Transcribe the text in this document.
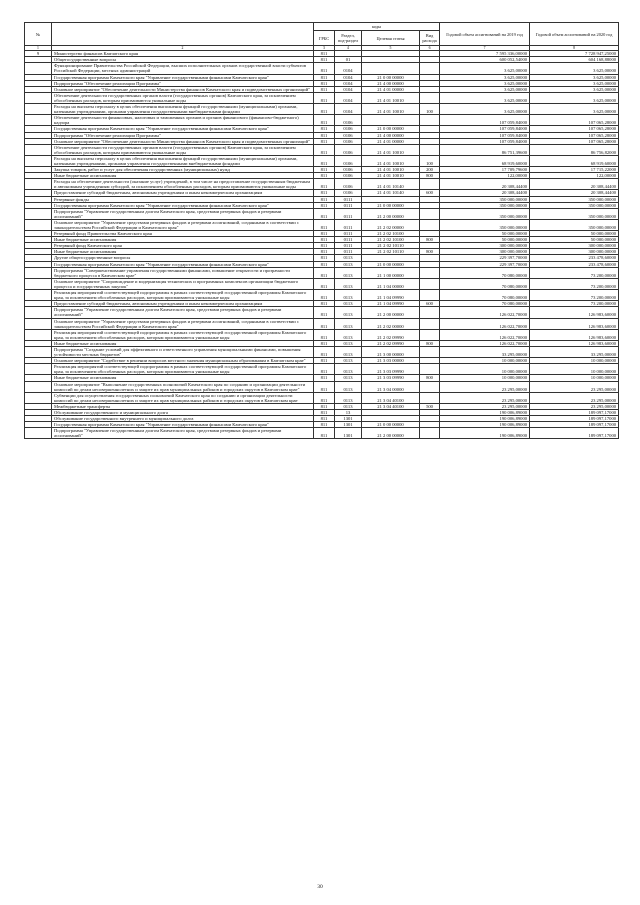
№		коды				Годовой объем ассигнований на 2019 год	Годовой объем ассигнований на 2020 год
		ГРБС	Раздел, под-раздел	Целевая статья	Вид расхода		
1	2	3	4	5	6	7	8
9	Министерство финансов Камчатского края	811				7 595 336,00000	7 728 947,25000
	Общегосударственные вопросы	811	01			600 052,54000	604 168,88000
	Функционирование Правительства Российской Федерации, высших исполнительных органов государственной власти субъектов Российской Федерации, местных администраций	811	0104			3 625,00000	3 625,00000
	Государственная программа Камчатского края "Управление государственными финансами Камчатского края"	811	0104	21 0 00 00000		3 625,00000	3 625,00000
	Подпрограмма "Обеспечение реализации Программы"	811	0104	21 4 00 00000		3 625,00000	3 625,00000
	Основное мероприятие "Обеспечение деятельности Министерства финансов Камчатского края и подведомственных организаций"	811	0104	21 4 01 00000		3 625,00000	3 625,00000
	Обеспечение деятельности государственных органов власти (государственных органов) Камчатского края, за исключением обособленных расходов, которым присваиваются уникальные коды	811	0104	21 4 01 10010		3 625,00000	3 625,00000
	Расходы на выплаты персоналу в целях обеспечения выполнения функций государственными (муниципальными) органами, казенными учреждениями, органами управления государственными внебюджетными фондами	811	0104	21 4 01 10010	100	3 625,00000	3 625,00000
	Обеспечение деятельности финансовых, налоговых и таможенных органов и органов финансового (финансово-бюджетного) надзора	811	0106			107 059,84000	107 065,28000
	Государственная программа Камчатского края "Управление государственными финансами Камчатского края"	811	0106	21 0 00 00000		107 059,84000	107 065,28000
	Подпрограмма "Обеспечение реализации Программы"	811	0106	21 4 00 00000		107 059,84000	107 065,28000
	Основное мероприятие "Обеспечение деятельности Министерства финансов Камчатского края и подведомственных организаций"	811	0106	21 4 01 00000		107 059,84000	107 065,28000
	Обеспечение деятельности государственных органов власти (государственных органов) Камчатского края, за исключением обособленных расходов, которым присваиваются уникальные коды	811	0106	21 4 01 10010		86 751,39600	86 756,82000
	Расходы на выплаты персоналу в целях обеспечения выполнения функций государственными (муниципальными) органами, казенными учреждениями, органами управления государственными внебюджетными фондами	811	0106	21 4 01 10010	100	68 919,60000	68 919,60000
	Закупка товаров, работ и услуг для обеспечения государственных (муниципальных) нужд	811	0106	21 4 01 10010	200	17 709,79600	17 715,22000
	Иные бюджетные ассигнования	811	0106	21 4 01 10010	800	122,00000	122,00000
	Расходы на обеспечение деятельности (оказание услуг) учреждений, в том числе на предоставление государственным бюджетным и автономным учреждениям субсидий, за исключением обособленных расходов, которым присваиваются уникальные коды	811	0106	21 4 01 10140		20 308,44400	20 308,44400
	Предоставление субсидий бюджетным, автономным учреждениям и иным некоммерческим организациям	811	0106	21 4 01 10140	600	20 308,44400	20 308,44400
	Резервные фонды	811	0111			350 000,00000	350 000,00000
	Государственная программа Камчатского края "Управление государственными финансами Камчатского края"	811	0111	21 0 00 00000		350 000,00000	350 000,00000
	Подпрограмма "Управление государственным долгом Камчатского края, средствами резервных фондов и резервами ассигнований"	811	0111	21 2 00 00000		350 000,00000	350 000,00000
	Основное мероприятие "Управление средствами резервных фондов и резервами ассигнований, созданными в соответствии с законодательством Российской Федерации и Камчатского края"	811	0111	21 2 02 00000		350 000,00000	350 000,00000
	Резервный фонд Правительства Камчатского края	811	0111	21 2 02 10100		50 000,00000	50 000,00000
	Иные бюджетные ассигнования	811	0111	21 2 02 10100	800	50 000,00000	50 000,00000
	Резервный фонд Камчатского края	811	0111	21 2 02 10110		300 000,00000	300 000,00000
	Иные бюджетные ассигнования	811	0111	21 2 02 10110	800	300 000,00000	300 000,00000
	Другие общегосударственные вопросы	811	0113			229 397,70000	233 478,60000
	Государственная программа Камчатского края "Управление государственными финансами Камчатского края"	811	0113	21 0 00 00000		229 397,70000	233 478,60000
	Подпрограмма "Совершенствование управления государственными финансами, повышение открытости и прозрачности бюджетного процесса в Камчатском крае"	811	0113	21 1 00 00000		70 080,00000	73 200,00000
	Основное мероприятие "Сопровождение и модернизация технических и программных комплексов организации бюджетного процесса и государственных закупок"	811	0113	21 1 04 00000		70 080,00000	73 200,00000
	Реализация мероприятий соответствующей подпрограммы в рамках соответствующей государственной программы Камчатского края, за исключением обособленных расходов, которым присваиваются уникальные коды	811	0113	21 1 04 09990		70 080,00000	73 200,00000
	Предоставление субсидий бюджетным, автономным учреждениям и иным некоммерческим организациям	811	0113	21 1 04 09990	600	70 080,00000	73 200,00000
	Подпрограмма "Управление государственным долгом Камчатского края, средствами резервных фондов и резервами ассигнований"	811	0113	21 2 00 00000		126 022,70000	126 983,60000
	Основное мероприятие "Управление средствами резервных фондов и резервами ассигнований, созданными в соответствии с законодательством Российской Федерации и Камчатского края"	811	0113	21 2 02 00000		126 022,70000	126 983,60000
	Реализация мероприятий соответствующей подпрограммы в рамках соответствующей государственной программы Камчатского края, за исключением обособленных расходов, которым присваиваются уникальные коды	811	0113	21 2 02 09990		126 022,70000	126 983,60000
	Иные бюджетные ассигнования	811	0113	21 2 02 09990	800	126 022,70000	126 983,60000
	Подпрограмма "Создание условий для эффективного и ответственного управления муниципальными финансами, повышения устойчивости местных бюджетов"	811	0113	21 3 00 00000		33 295,00000	33 295,00000
	Основное мероприятие "Содействие в решении вопросов местного значения муниципальным образованиям в Камчатском крае"	811	0113	21 3 03 00000		10 000,00000	10 000,00000
	Реализация мероприятий соответствующей подпрограммы в рамках соответствующей государственной программы Камчатского края, за исключением обособленных расходов, которым присваиваются уникальные коды	811	0113	21 3 03 09990		10 000,00000	10 000,00000
	Иные бюджетные ассигнования	811	0113	21 3 03 09990	800	10 000,00000	10 000,00000
	Основное мероприятие "Выполнение государственных полномочий Камчатского края по созданию и организации деятельности комиссий по делам несовершеннолетних и защите их прав муниципальных районов и городских округов в Камчатском крае"	811	0113	21 3 04 00000		23 295,00000	23 295,00000
	Субвенции для осуществления государственных полномочий Камчатского края по созданию и организации деятельности комиссий по делам несовершеннолетних и защите их прав муниципальных районов и городских округов в Камчатском крае	811	0113	21 3 04 40100		23 295,00000	23 295,00000
	Межбюджетные трансферты	811	0113	21 3 04 40100	500	23 295,00000	23 295,00000
	Обслуживание государственного и муниципального долга	811	13			190 006,89000	189 097,17000
	Обслуживание государственного внутреннего и муниципального долга	811	1301			190 006,89000	189 097,17000
	Государственная программа Камчатского края "Управление государственными финансами Камчатского края"	811	1301	21 0 00 00000		190 006,89000	189 097,17000
	Подпрограмма "Управление государственным долгом Камчатского края, средствами резервных фондов и резервами ассигнований"	811	1301	21 2 00 00000		190 006,89000	189 097,17000
30
